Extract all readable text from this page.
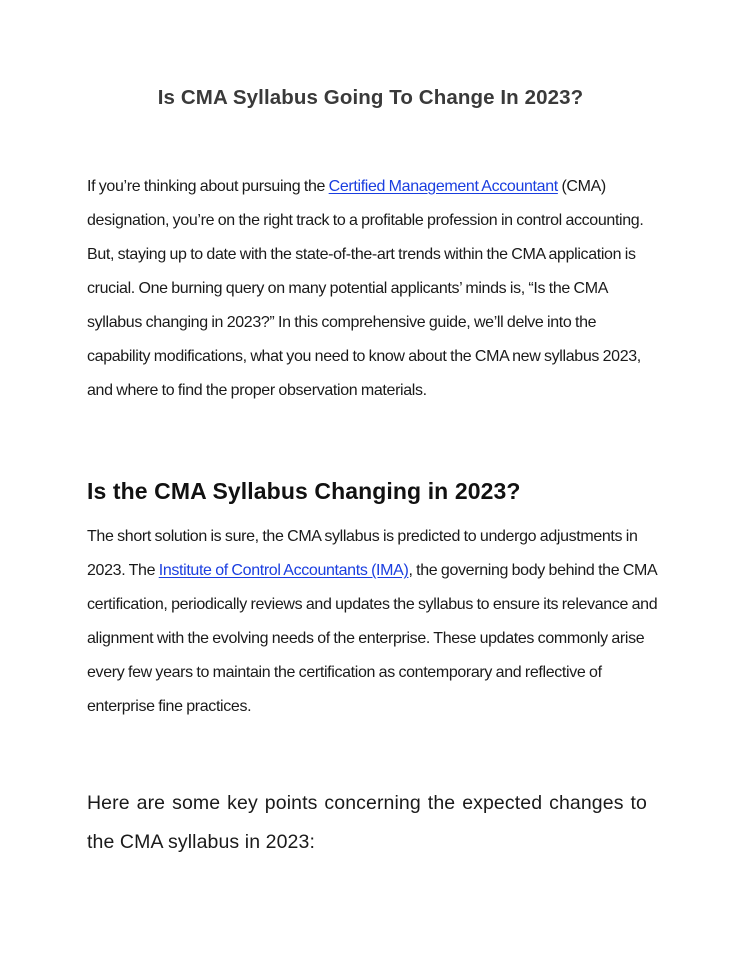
Is CMA Syllabus Going To Change In 2023?

If you’re thinking about pursuing the Certified Management Accountant (CMA) designation, you’re on the right track to a profitable profession in control accounting. But, staying up to date with the state-of-the-art trends within the CMA application is crucial. One burning query on many potential applicants’ minds is, “Is the CMA syllabus changing in 2023?” In this comprehensive guide, we’ll delve into the capability modifications, what you need to know about the CMA new syllabus 2023, and where to find the proper observation materials.

Is the CMA Syllabus Changing in 2023?

The short solution is sure, the CMA syllabus is predicted to undergo adjustments in 2023. The Institute of Control Accountants (IMA), the governing body behind the CMA certification, periodically reviews and updates the syllabus to ensure its relevance and alignment with the evolving needs of the enterprise. These updates commonly arise every few years to maintain the certification as contemporary and reflective of enterprise fine practices.

Here are some key points concerning the expected changes to the CMA syllabus in 2023:
